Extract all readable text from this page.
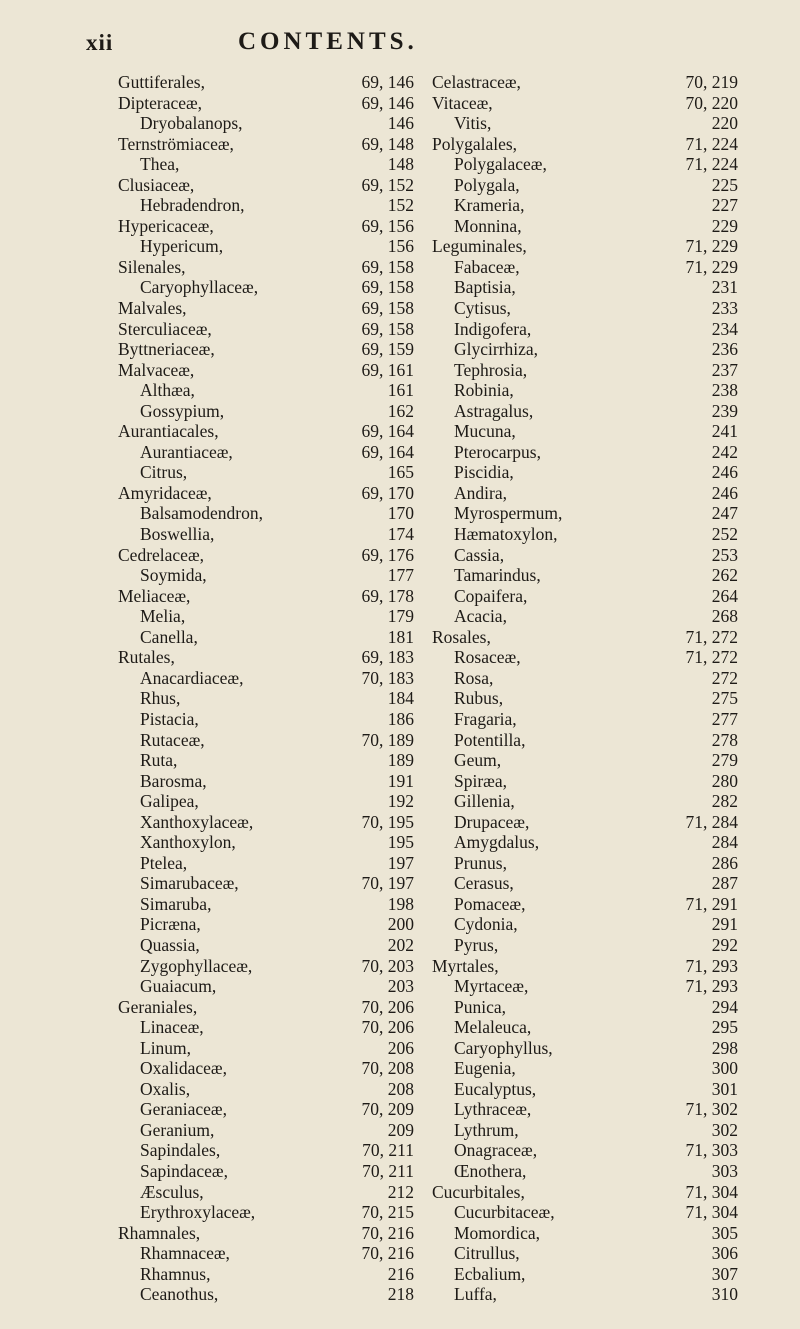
xii	CONTENTS.
Guttiferales,	69, 146
Dipteraceæ,	69, 146
Dryobalanops,	146
Ternströmiaceæ,	69, 148
Thea,	148
Clusiaceæ,	69, 152
Hebradendron,	152
Hypericaceæ,	69, 156
Hypericum,	156
Silenales,	69, 158
Caryophyllaceæ,	69, 158
Malvales,	69, 158
Sterculiaceæ,	69, 158
Byttneriaceæ,	69, 159
Malvaceæ,	69, 161
Althæa,	161
Gossypium,	162
Aurantiacales,	69, 164
Aurantiaceæ,	69, 164
Citrus,	165
Amyridaceæ,	69, 170
Balsamodendron,	170
Boswellia,	174
Cedrelaceæ,	69, 176
Soymida,	177
Meliaceæ,	69, 178
Melia,	179
Canella,	181
Rutales,	69, 183
Anacardiaceæ,	70, 183
Rhus,	184
Pistacia,	186
Rutaceæ,	70, 189
Ruta,	189
Barosma,	191
Galipea,	192
Xanthoxylaceæ,	70, 195
Xanthoxylon,	195
Ptelea,	197
Simarubaceæ,	70, 197
Simaruba,	198
Picræna,	200
Quassia,	202
Zygophyllaceæ,	70, 203
Guaiacum,	203
Geraniales,	70, 206
Linaceæ,	70, 206
Linum,	206
Oxalidaceæ,	70, 208
Oxalis,	208
Geraniaceæ,	70, 209
Geranium,	209
Sapindales,	70, 211
Sapindaceæ,	70, 211
Æsculus,	212
Erythroxylaceæ,	70, 215
Rhamnales,	70, 216
Rhamnaceæ,	70, 216
Rhamnus,	216
Ceanothus,	218
Celastraceæ,	70, 219
Vitaceæ,	70, 220
Vitis,	220
Polygalales,	71, 224
Polygalaceæ,	71, 224
Polygala,	225
Krameria,	227
Monnina,	229
Leguminales,	71, 229
Fabaceæ,	71, 229
Baptisia,	231
Cytisus,	233
Indigofera,	234
Glycirrhiza,	236
Tephrosia,	237
Robinia,	238
Astragalus,	239
Mucuna,	241
Pterocarpus,	242
Piscidia,	246
Andira,	246
Myrospermum,	247
Hæmatoxylon,	252
Cassia,	253
Tamarindus,	262
Copaifera,	264
Acacia,	268
Rosales,	71, 272
Rosaceæ,	71, 272
Rosa,	272
Rubus,	275
Fragaria,	277
Potentilla,	278
Geum,	279
Spiræa,	280
Gillenia,	282
Drupaceæ,	71, 284
Amygdalus,	284
Prunus,	286
Cerasus,	287
Pomaceæ,	71, 291
Cydonia,	291
Pyrus,	292
Myrtales,	71, 293
Myrtaceæ,	71, 293
Punica,	294
Melaleuca,	295
Caryophyllus,	298
Eugenia,	300
Eucalyptus,	301
Lythraceæ,	71, 302
Lythrum,	302
Onagraceæ,	71, 303
Œnothera,	303
Cucurbitales,	71, 304
Cucurbitaceæ,	71, 304
Momordica,	305
Citrullus,	306
Ecbalium,	307
Luffa,	310
